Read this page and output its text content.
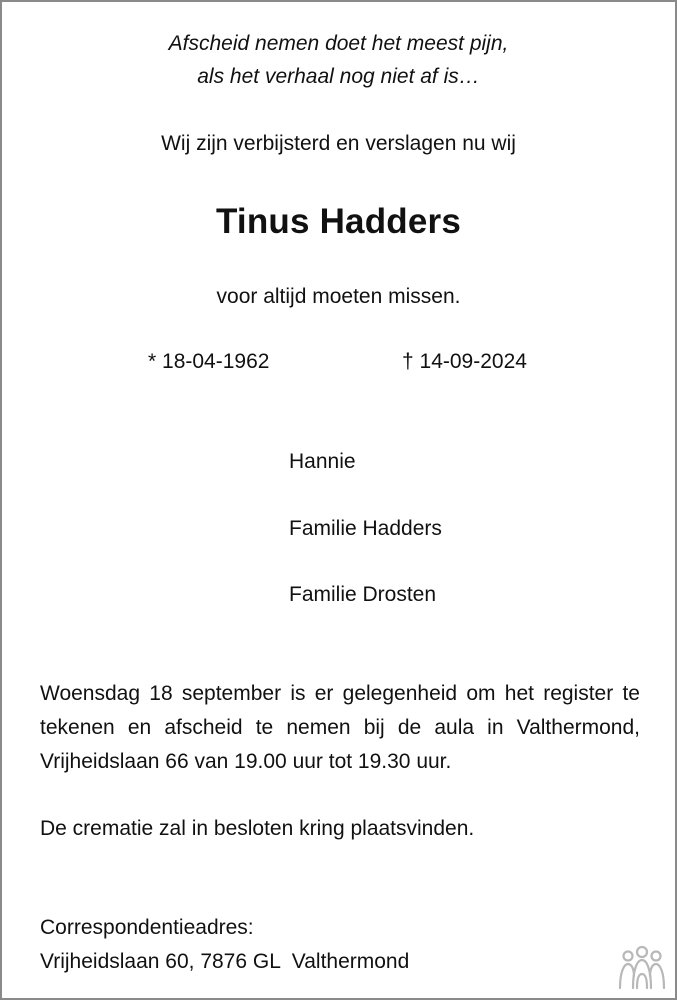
Afscheid nemen doet het meest pijn,

als het verhaal nog niet af is…

Wij zijn verbijsterd en verslagen nu wij

Tinus Hadders

voor altijd moeten missen.

* 18-04-1962	† 14-09-2024

Hannie

Familie Hadders

Familie Drosten

Woensdag 18 september is er gelegenheid om het register te
tekenen en afscheid te nemen bij de aula in Valthermond,
Vrijheidslaan 66 van 19.00 uur tot 19.30 uur.

De crematie zal in besloten kring plaatsvinden.

Correspondentieadres:

Vrijheidslaan 60, 7876 GL  Valthermond
